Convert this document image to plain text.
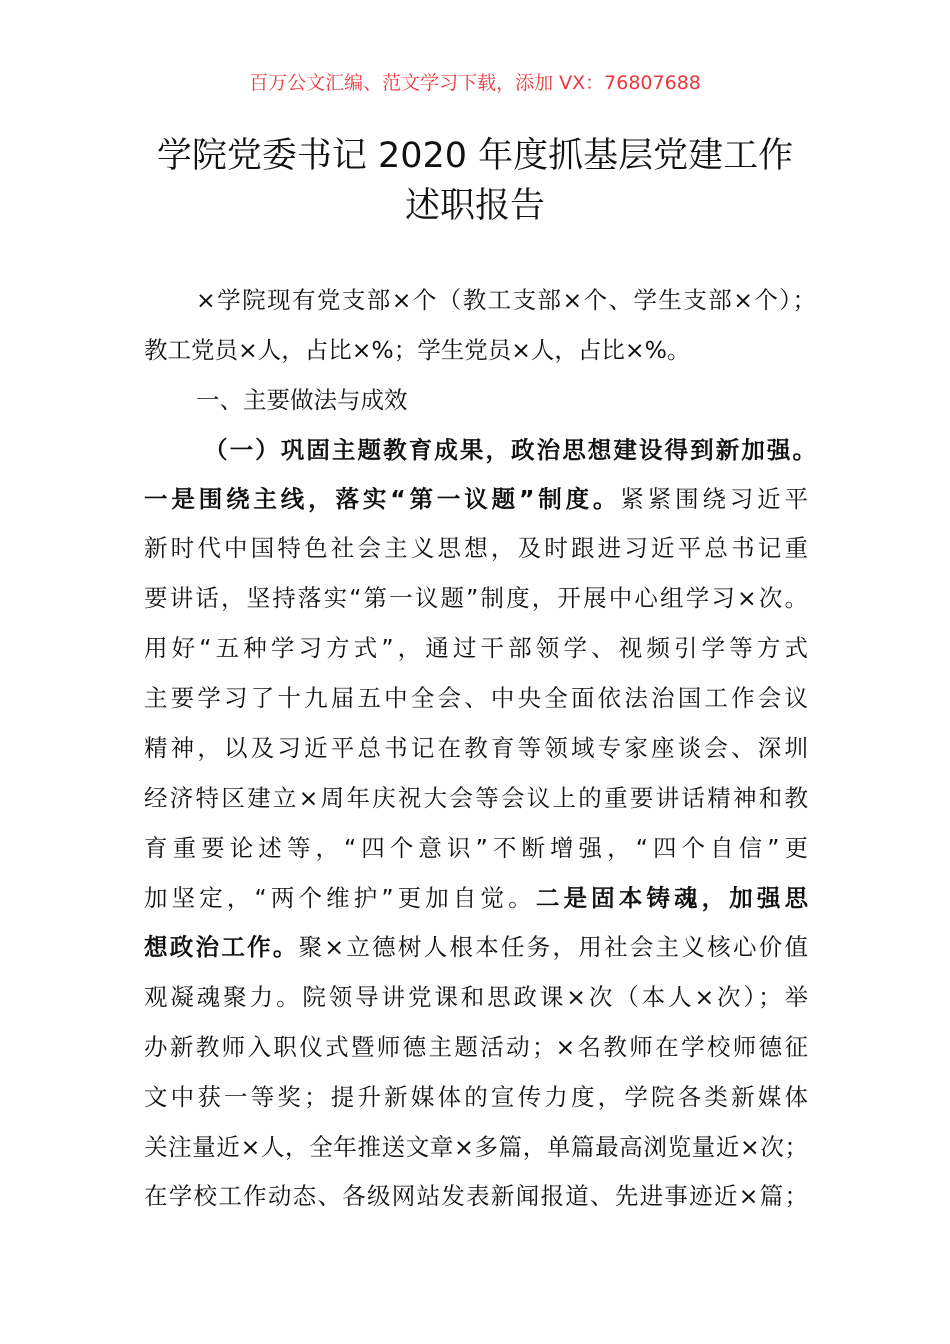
百万公文汇编、范文学习下载，添加 VX：76807688
学院党委书记 2020 年度抓基层党建工作
述职报告
×学院现有党支部×个（教工支部×个、学生支部×个）；
教工党员×人，占比×%；学生党员×人，占比×%。
一、主要做法与成效
（一）巩固主题教育成果，政治思想建设得到新加强。
一是围绕主线，落实“第一议题”制度。紧紧围绕习近平
新时代中国特色社会主义思想，及时跟进习近平总书记重
要讲话，坚持落实“第一议题”制度，开展中心组学习×次。
用好“五种学习方式”，通过干部领学、视频引学等方式
主要学习了十九届五中全会、中央全面依法治国工作会议
精神，以及习近平总书记在教育等领域专家座谈会、深圳
经济特区建立×周年庆祝大会等会议上的重要讲话精神和教
育重要论述等，“四个意识”不断增强，“四个自信”更
加坚定，“两个维护”更加自觉。二是固本铸魂，加强思
想政治工作。聚×立德树人根本任务，用社会主义核心价值
观凝魂聚力。院领导讲党课和思政课×次（本人×次）；举
办新教师入职仪式暨师德主题活动；×名教师在学校师德征
文中获一等奖；提升新媒体的宣传力度，学院各类新媒体
关注量近×人，全年推送文章×多篇，单篇最高浏览量近×次；
在学校工作动态、各级网站发表新闻报道、先进事迹近×篇；
